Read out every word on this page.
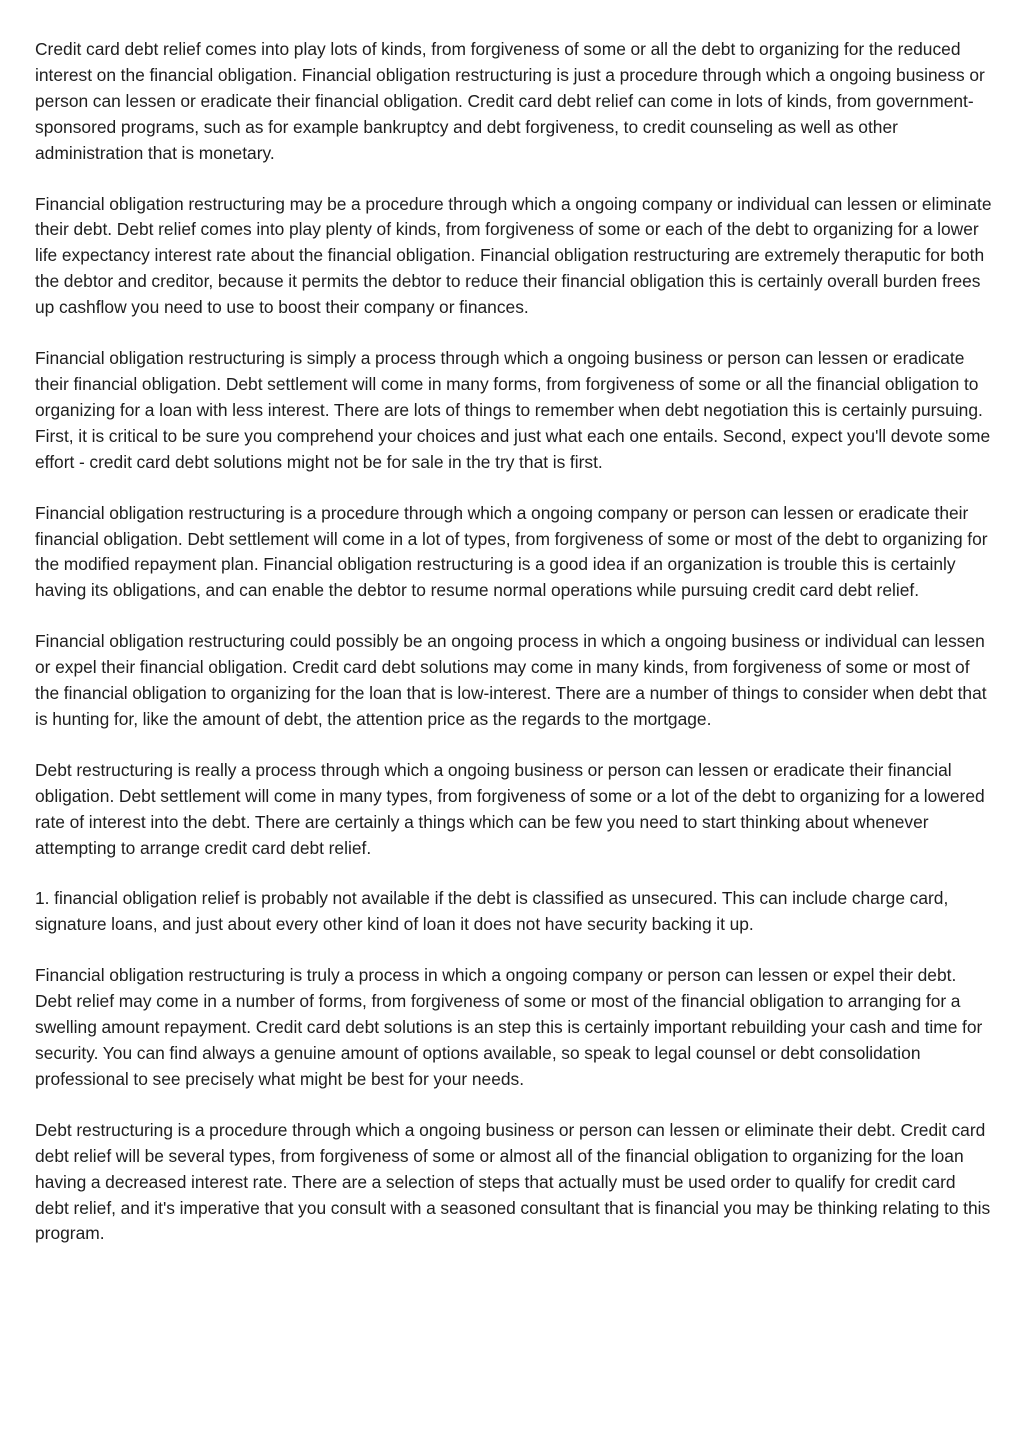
Credit card debt relief comes into play lots of kinds, from forgiveness of some or all the debt to organizing for the reduced interest on the financial obligation. Financial obligation restructuring is just a procedure through which a ongoing business or person can lessen or eradicate their financial obligation. Credit card debt relief can come in lots of kinds, from government-sponsored programs, such as for example bankruptcy and debt forgiveness, to credit counseling as well as other administration that is monetary.

Financial obligation restructuring may be a procedure through which a ongoing company or individual can lessen or eliminate their debt. Debt relief comes into play plenty of kinds, from forgiveness of some or each of the debt to organizing for a lower life expectancy interest rate about the financial obligation. Financial obligation restructuring are extremely theraputic for both the debtor and creditor, because it permits the debtor to reduce their financial obligation this is certainly overall burden frees up cashflow you need to use to boost their company or finances.

Financial obligation restructuring is simply a process through which a ongoing business or person can lessen or eradicate their financial obligation. Debt settlement will come in many forms, from forgiveness of some or all the financial obligation to organizing for a loan with less interest. There are lots of things to remember when debt negotiation this is certainly pursuing. First, it is critical to be sure you comprehend your choices and just what each one entails. Second, expect you'll devote some effort - credit card debt solutions might not be for sale in the try that is first.

Financial obligation restructuring is a procedure through which a ongoing company or person can lessen or eradicate their financial obligation. Debt settlement will come in a lot of types, from forgiveness of some or most of the debt to organizing for the modified repayment plan. Financial obligation restructuring is a good idea if an organization is trouble this is certainly having its obligations, and can enable the debtor to resume normal operations while pursuing credit card debt relief.

Financial obligation restructuring could possibly be an ongoing process in which a ongoing business or individual can lessen or expel their financial obligation. Credit card debt solutions may come in many kinds, from forgiveness of some or most of the financial obligation to organizing for the loan that is low-interest. There are a number of things to consider when debt that is hunting for, like the amount of debt, the attention price as the regards to the mortgage.

Debt restructuring is really a process through which a ongoing business or person can lessen or eradicate their financial obligation. Debt settlement will come in many types, from forgiveness of some or a lot of the debt to organizing for a lowered rate of interest into the debt. There are certainly a things which can be few you need to start thinking about whenever attempting to arrange credit card debt relief.

1. financial obligation relief is probably not available if the debt is classified as unsecured. This can include charge card, signature loans, and just about every other kind of loan it does not have security backing it up.

Financial obligation restructuring is truly a process in which a ongoing company or person can lessen or expel their debt. Debt relief may come in a number of forms, from forgiveness of some or most of the financial obligation to arranging for a swelling amount repayment. Credit card debt solutions is an step this is certainly important rebuilding your cash and time for security. You can find always a genuine amount of options available, so speak to legal counsel or debt consolidation professional to see precisely what might be best for your needs.

Debt restructuring is a procedure through which a ongoing business or person can lessen or eliminate their debt. Credit card debt relief will be several types, from forgiveness of some or almost all of the financial obligation to organizing for the loan having a decreased interest rate. There are a selection of steps that actually must be used order to qualify for credit card debt relief, and it's imperative that you consult with a seasoned consultant that is financial you may be thinking relating to this program.
